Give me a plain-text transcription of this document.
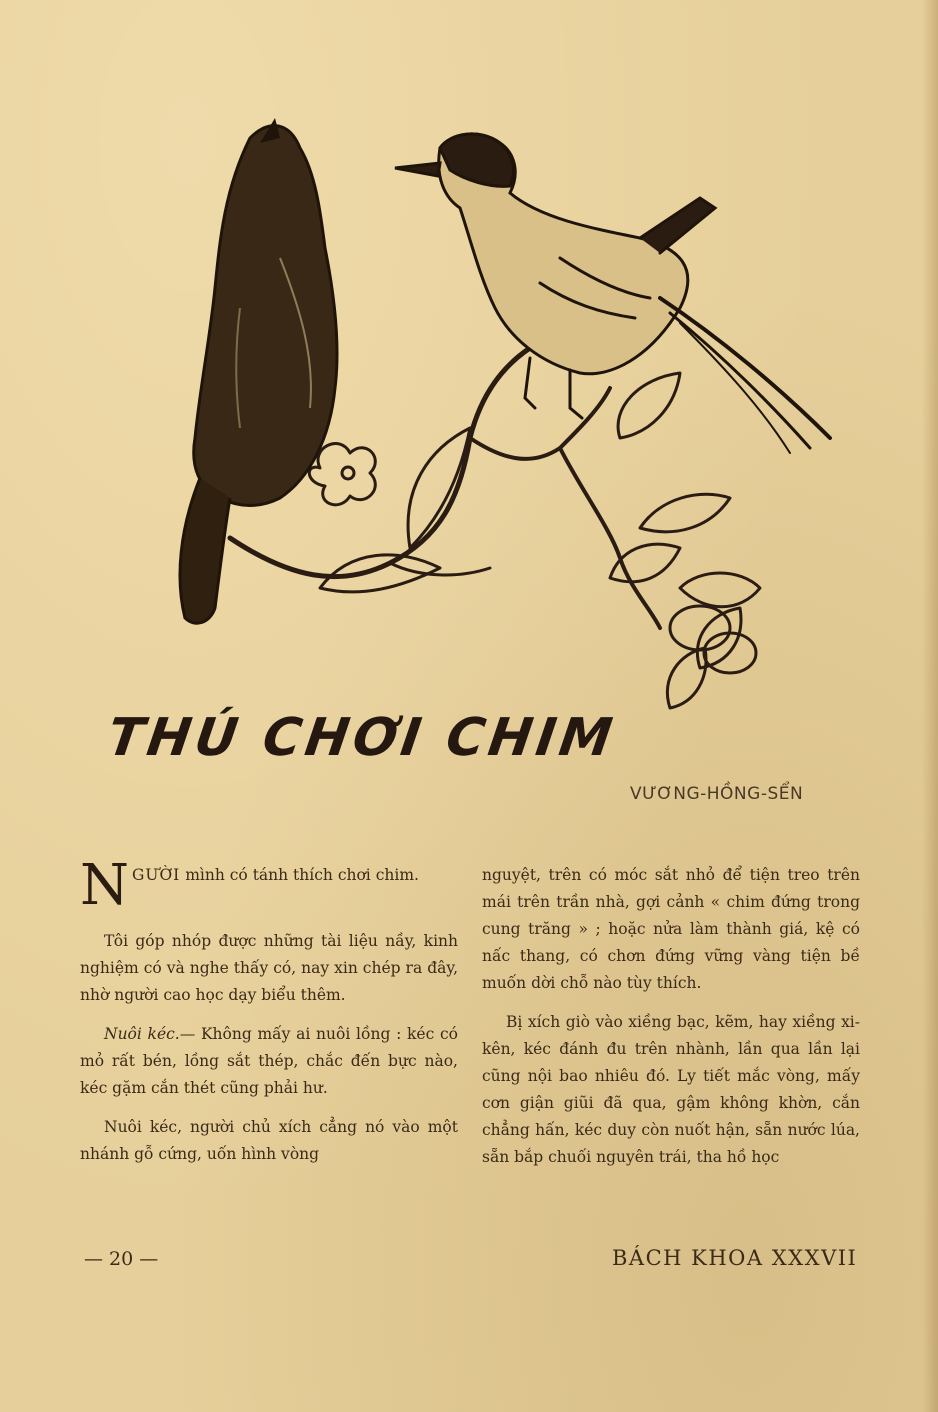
THÚ CHƠI CHIM
VƯƠNG-HỒNG-SỂN
N GƯỜI mình có tánh thích chơi chim.

Tôi góp nhóp được những tài liệu nầy, kinh nghiệm có và nghe thấy có, nay xin chép ra đây, nhờ người cao học dạy biểu thêm.

Nuôi kéc.— Không mấy ai nuôi lồng : kéc có mỏ rất bén, lồng sắt thép, chắc đến bực nào, kéc gặm cắn thét cũng phải hư.

Nuôi kéc, người chủ xích cẳng nó vào một nhánh gỗ cứng, uốn hình vòng

nguyệt, trên có móc sắt nhỏ để tiện treo trên mái trên trần nhà, gợi cảnh « chim đứng trong cung trăng » ; hoặc nửa làm thành giá, kệ có nấc thang, có chơn đứng vững vàng tiện bề muốn dời chỗ nào tùy thích.

Bị xích giò vào xiềng bạc, kẽm, hay xiềng xi-kên, kéc đánh đu trên nhành, lần qua lần lại cũng nội bao nhiêu đó. Ly tiết mắc vòng, mấy cơn giận giũi đã qua, gậm không khờn, cắn chẳng hấn, kéc duy còn nuốt hận, sẵn nước lúa, sẵn bắp chuối nguyên trái, tha hồ học

— 20 —	BÁCH KHOA XXXVII
